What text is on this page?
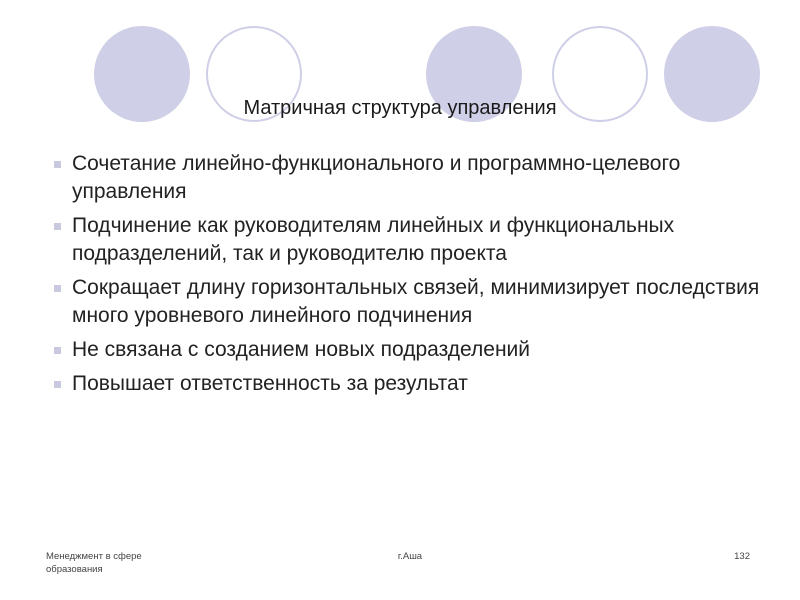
Матричная структура управления
Сочетание линейно-функционального и программно-целевого управления
Подчинение как руководителям линейных и функциональных подразделений, так и руководителю проекта
Сокращает длину горизонтальных связей, минимизирует последствия много уровневого линейного подчинения
Не связана с созданием новых подразделений
Повышает ответственность за результат
Менеджмент в сфере
образования
г.Аша	132
